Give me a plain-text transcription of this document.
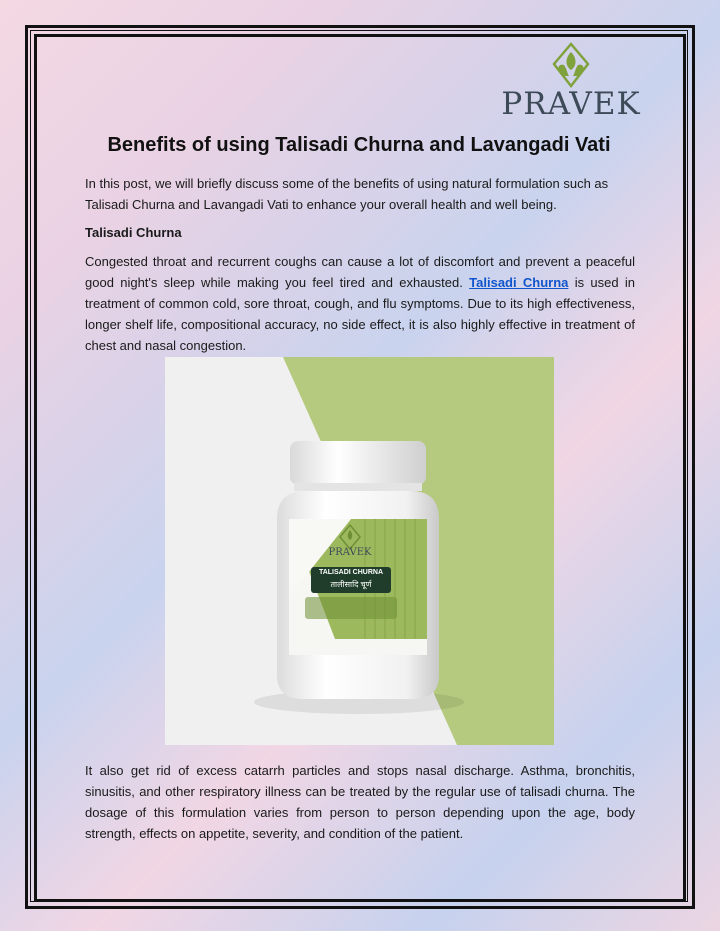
PRAVEK
Benefits of using Talisadi Churna and Lavangadi Vati

In this post, we will briefly discuss some of the benefits of using natural formulation such as Talisadi Churna and Lavangadi Vati to enhance your overall health and well being.

Talisadi Churna

Congested throat and recurrent coughs can cause a lot of discomfort and prevent a peaceful good night's sleep while making you feel tired and exhausted. Talisadi Churna is used in treatment of common cold, sore throat, cough, and flu symptoms. Due to its high effectiveness, longer shelf life, compositional accuracy, no side effect, it is also highly effective in treatment of chest and nasal congestion.

PRAVEK
TALISADI CHURNA
तालीसादि चूर्ण

It also get rid of excess catarrh particles and stops nasal discharge. Asthma, bronchitis, sinusitis, and other respiratory illness can be treated by the regular use of talisadi churna. The dosage of this formulation varies from person to person depending upon the age, body strength, effects on appetite, severity, and condition of the patient.
